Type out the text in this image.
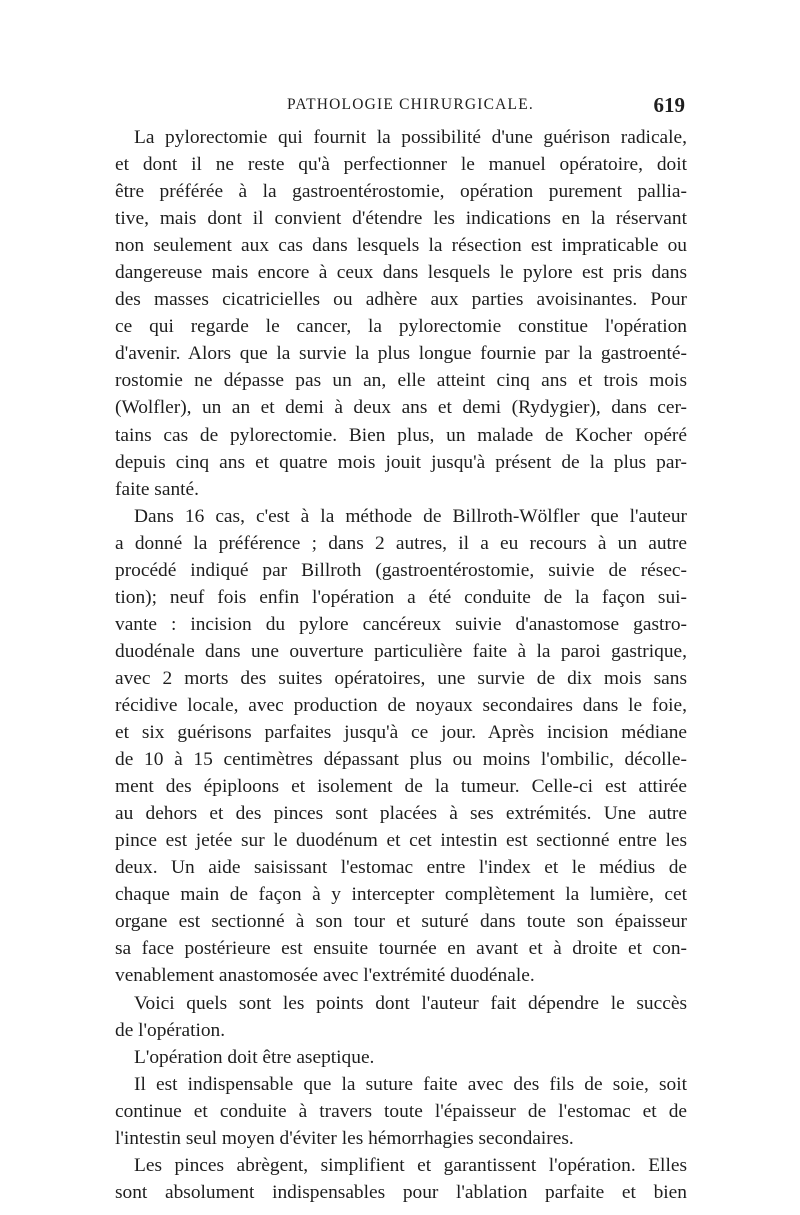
PATHOLOGIE CHIRURGICALE.	619
La pylorectomie qui fournit la possibilité d'une guérison radicale,
et dont il ne reste qu'à perfectionner le manuel opératoire, doit
être préférée à la gastroentérostomie, opération purement pallia-
tive, mais dont il convient d'étendre les indications en la réservant
non seulement aux cas dans lesquels la résection est impraticable ou
dangereuse mais encore à ceux dans lesquels le pylore est pris dans
des masses cicatricielles ou adhère aux parties avoisinantes. Pour
ce qui regarde le cancer, la pylorectomie constitue l'opération
d'avenir. Alors que la survie la plus longue fournie par la gastroenté-
rostomie ne dépasse pas un an, elle atteint cinq ans et trois mois
(Wolfler), un an et demi à deux ans et demi (Rydygier), dans cer-
tains cas de pylorectomie. Bien plus, un malade de Kocher opéré
depuis cinq ans et quatre mois jouit jusqu'à présent de la plus par-
faite santé.
Dans 16 cas, c'est à la méthode de Billroth-Wölfler que l'auteur
a donné la préférence ; dans 2 autres, il a eu recours à un autre
procédé indiqué par Billroth (gastroentérostomie, suivie de résec-
tion); neuf fois enfin l'opération a été conduite de la façon sui-
vante : incision du pylore cancéreux suivie d'anastomose gastro-
duodénale dans une ouverture particulière faite à la paroi gastrique,
avec 2 morts des suites opératoires, une survie de dix mois sans
récidive locale, avec production de noyaux secondaires dans le foie,
et six guérisons parfaites jusqu'à ce jour. Après incision médiane
de 10 à 15 centimètres dépassant plus ou moins l'ombilic, décolle-
ment des épiploons et isolement de la tumeur. Celle-ci est attirée
au dehors et des pinces sont placées à ses extrémités. Une autre
pince est jetée sur le duodénum et cet intestin est sectionné entre les
deux. Un aide saisissant l'estomac entre l'index et le médius de
chaque main de façon à y intercepter complètement la lumière, cet
organe est sectionné à son tour et suturé dans toute son épaisseur
sa face postérieure est ensuite tournée en avant et à droite et con-
venablement anastomosée avec l'extrémité duodénale.
Voici quels sont les points dont l'auteur fait dépendre le succès
de l'opération.
L'opération doit être aseptique.
Il est indispensable que la suture faite avec des fils de soie, soit
continue et conduite à travers toute l'épaisseur de l'estomac et de
l'intestin seul moyen d'éviter les hémorrhagies secondaires.
Les pinces abrègent, simplifient et garantissent l'opération. Elles
sont absolument indispensables pour l'ablation parfaite et bien
